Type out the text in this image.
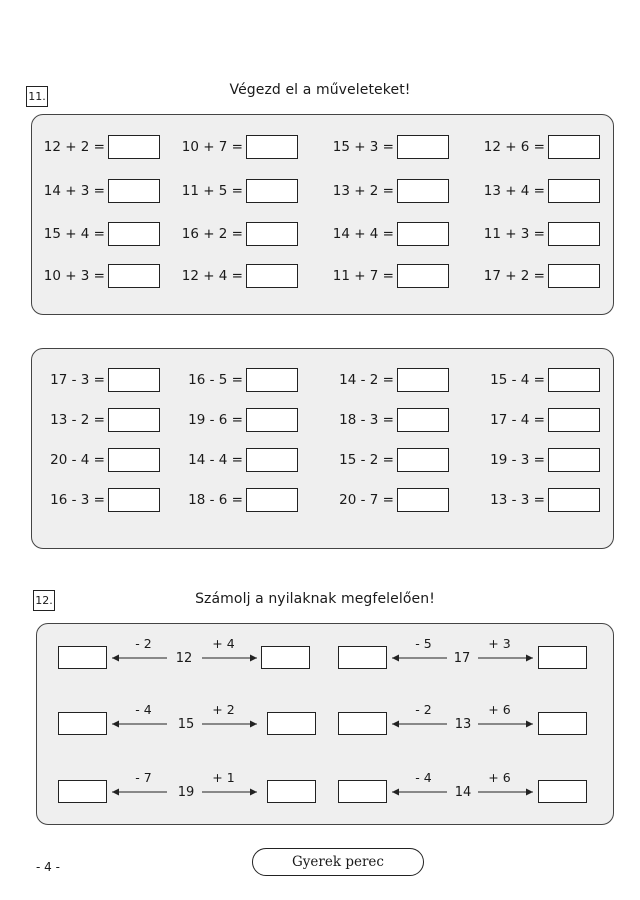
11.	Végezd el a műveleteket!
12 + 2 =	10 + 7 =	15 + 3 =	12 + 6 =
14 + 3 =	11 + 5 =	13 + 2 =	13 + 4 =
15 + 4 =	16 + 2 =	14 + 4 =	11 + 3 =
10 + 3 =	12 + 4 =	11 + 7 =	17 + 2 =
17 - 3 =	16 - 5 =	14 - 2 =	15 - 4 =
13 - 2 =	19 - 6 =	18 - 3 =	17 - 4 =
20 - 4 =	14 - 4 =	15 - 2 =	19 - 3 =
16 - 3 =	18 - 6 =	20 - 7 =	13 - 3 =
12.	Számolj a nyilaknak megfelelően!
- 2	+ 4
12
- 5	+ 3
17
- 4	+ 2
15
- 2	+ 6
13
- 7	+ 1
19
- 4	+ 6
14
- 4 -	Gyerek perec
